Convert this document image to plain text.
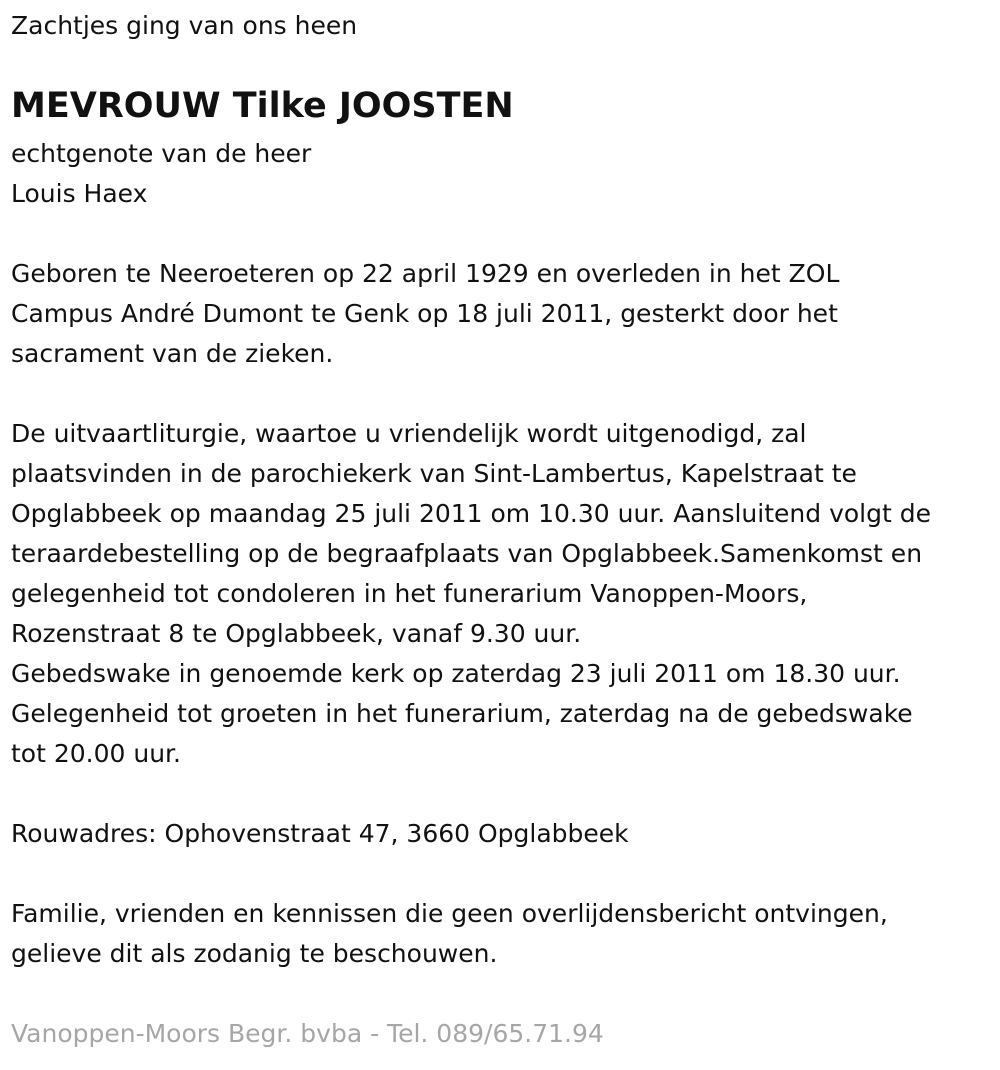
Zachtjes ging van ons heen

MEVROUW Tilke JOOSTEN

echtgenote van de heer

Louis Haex

Geboren te Neeroeteren op 22 april 1929 en overleden in het ZOL

Campus André Dumont te Genk op 18 juli 2011, gesterkt door het

sacrament van de zieken.

De uitvaartliturgie, waartoe u vriendelijk wordt uitgenodigd, zal

plaatsvinden in de parochiekerk van Sint-Lambertus, Kapelstraat te

Opglabbeek op maandag 25 juli 2011 om 10.30 uur. Aansluitend volgt de

teraardebestelling op de begraafplaats van Opglabbeek.Samenkomst en

gelegenheid tot condoleren in het funerarium Vanoppen-Moors,

Rozenstraat 8 te Opglabbeek, vanaf 9.30 uur.

Gebedswake in genoemde kerk op zaterdag 23 juli 2011 om 18.30 uur.

Gelegenheid tot groeten in het funerarium, zaterdag na de gebedswake

tot 20.00 uur.

Rouwadres: Ophovenstraat 47, 3660 Opglabbeek

Familie, vrienden en kennissen die geen overlijdensbericht ontvingen,

gelieve dit als zodanig te beschouwen.

Vanoppen-Moors Begr. bvba - Tel. 089/65.71.94
